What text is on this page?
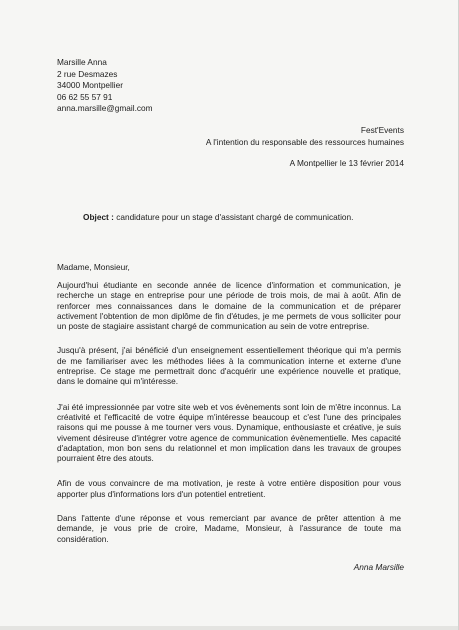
Marsille Anna
2 rue Desmazes
34000 Montpellier
06 62 55 57 91
anna.marsille@gmail.com
Fest'Events
A l'intention du responsable des ressources humaines
A Montpellier le 13 février 2014
Object : candidature pour un stage d'assistant chargé de communication.
Madame, Monsieur,

Aujourd'hui étudiante en seconde année de licence d'information et communication, je recherche un stage en entreprise pour une période de trois mois, de mai à août. Afin de renforcer mes connaissances dans le domaine de la communication et de préparer activement l'obtention de mon diplôme de fin d'études, je me permets de vous solliciter pour un poste de stagiaire assistant chargé de communication au sein de votre entreprise.

Jusqu'à présent, j'ai bénéficié d'un enseignement essentiellement théorique qui m'a permis de me familiariser avec les méthodes liées à la communication interne et externe d'une entreprise. Ce stage me permettrait donc d'acquérir une expérience nouvelle et pratique, dans le domaine qui m'intéresse.

J'ai été impressionnée par votre site web et vos évènements sont loin de m'être inconnus. La créativité et l'efficacité de votre équipe m'intéresse beaucoup et c'est l'une des principales raisons qui me pousse à me tourner vers vous. Dynamique, enthousiaste et créative, je suis vivement désireuse d'intégrer votre agence de communication évènementielle. Mes capacité d'adaptation, mon bon sens du relationnel et mon implication dans les travaux de groupes pourraient être des atouts.

Afin de vous convaincre de ma motivation, je reste à votre entière disposition pour vous apporter plus d'informations lors d'un potentiel entretient.

Dans l'attente d'une réponse et vous remerciant par avance de prêter attention à me demande, je vous prie de croire, Madame, Monsieur, à l'assurance de toute ma considération.

Anna Marsille
